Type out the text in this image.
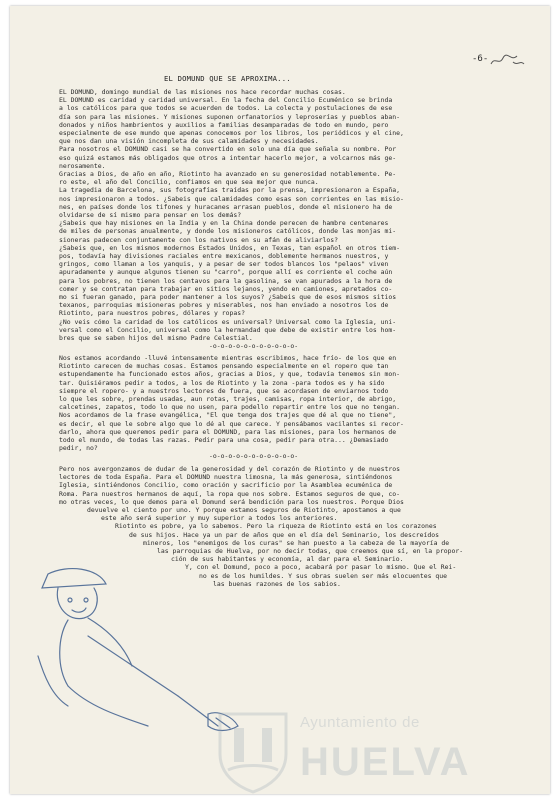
-6-
EL DOMUND QUE SE APROXIMA...
EL DOMUND, domingo mundial de las misiones nos hace recordar muchas cosas.
EL DOMUND es caridad y caridad universal. En la fecha del Concilio Ecuménico se brinda
a los católicos para que todos se acuerden de todos. La colecta y postulaciones de ese
día son para las misiones. Y misiones suponen orfanatorios y leproserías y pueblos aban-
donados y niños hambrientos y auxilios a familias desamparadas de todo en mundo, pero
especialmente de ese mundo que apenas conocemos por los libros, los periódicos y el cine,
que nos dan una visión incompleta de sus calamidades y necesidades.
Para nosotros el DOMUND casi se ha convertido en solo una día que señala su nombre. Por
eso quizá estamos más obligados que otros a intentar hacerlo mejor, a volcarnos más ge-
nerosamente.
Gracias a Dios, de año en año, Riotinto ha avanzado en su generosidad notablemente. Pe-
ro este, el año del Concilio, confiamos en que sea mejor que nunca.
La tragedia de Barcelona, sus fotografías traídas por la prensa, impresionaron a España,
nos impresionaron a todos. ¿Sabeis que calamidades como esas son corrientes en las misio-
nes, en países donde los tifones y huracanes arrasan pueblos, donde el misionero ha de
olvidarse de sí mismo para pensar en los demás?
¿Sabeis que hay misiones en la India y en la China donde perecen de hambre centenares
de miles de personas anualmente, y donde los misioneros católicos, donde las monjas mi-
sioneras padecen conjuntamente con los nativos en su afán de aliviarlos?
¿Sabeis que, en los mismos modernos Estados Unidos, en Texas, tan español en otros tiem-
pos, todavía hay divisiones raciales entre mexicanos, doblemente hermanos nuestros, y
gringos, como llaman a los yanquis, y a pesar de ser todos blancos los "pelaos" viven
apuradamente y aunque algunos tienen su "carro", porque allí es corriente el coche aún
para los pobres, no tienen los centavos para la gasolina, se van apurados a la hora de
comer y se contratan para trabajar en sitios lejanos, yendo en camiones, apretados co-
mo si fueran ganado, para poder mantener a los suyos? ¿Sabeis que de esos mismos sitios
texanos, parroquias misioneras pobres y miserables, nos han enviado a nosotros los de
Riotinto, para nuestros pobres, dólares y ropas?
¿No veis cómo la caridad de los católicos es universal? Universal como la Iglesia, uni-
versal como el Concilio, universal como la hermandad que debe de existir entre los hom-
bres que se saben hijos del mismo Padre Celestial.
-o-o-o-o-o-o-o-o-o-o-o-
Nos estamos acordando -lluvé intensamente mientras escribimos, hace frío- de los que en
Riotinto carecen de muchas cosas. Estamos pensando especialmente en el ropero que tan
estupendamente ha funcionado estos años, gracias a Dios, y que, todavía tenemos sin mon-
tar. Quisiéramos pedir a todos, a los de Riotinto y la zona -para todos es y ha sido
siempre el ropero- y a nuestros lectores de fuera, que se acordasen de enviarnos todo
lo que les sobre, prendas usadas, aun rotas, trajes, camisas, ropa interior, de abrigo,
calcetines, zapatos, todo lo que no usen, para podello repartir entre los que no tengan.
Nos acordamos de la frase evangélica, "El que tenga dos trajes que dé al que no tiene",
es decir, el que le sobre algo que lo dé al que carece. Y pensábamos vacilantes si recor-
darlo, ahora que queremos pedir para el DOMUND, para las misiones, para los hermanos de
todo el mundo, de todas las razas. Pedir para una cosa, pedir para otra... ¿Demasiado
pedir, no?
-o-o-o-o-o-o-o-o-o-o-o-
Pero nos avergonzamos de dudar de la generosidad y del corazón de Riotinto y de nuestros
lectores de toda España. Para el DOMUND nuestra limosna, la más generosa, sintiéndonos
Iglesia, sintiéndonos Concilio, como oración y sacrificio por la Asamblea ecuménica de
Roma. Para nuestros hermanos de aquí, la ropa que nos sobre. Estamos seguros de que, co-
mo otras veces, lo que demos para el Domund será bendición para los nuestros. Porque Dios
devuelve el ciento por uno. Y porque estamos seguros de Riotinto, apostamos a que
este año será superior y muy superior a todos los anteriores.
Riotinto es pobre, ya lo sabemos. Pero la riqueza de Riotinto está en los corazones
de sus hijos. Hace ya un par de años que en el día del Seminario, los descreídos
mineros, los "enemigos de los curas" se han puesto a la cabeza de la mayoría de
las parroquias de Huelva, por no decir todas, que creemos que sí, en la propor-
ción de sus habitantes y economía, al dar para el Seminario.
Y, con el Domund, poco a poco, acabará por pasar lo mismo. Que el Rei-
no es de los humildes. Y sus obras suelen ser más elocuentes que
las buenas razones de los sabios.
Ayuntamiento de
HUELVA
